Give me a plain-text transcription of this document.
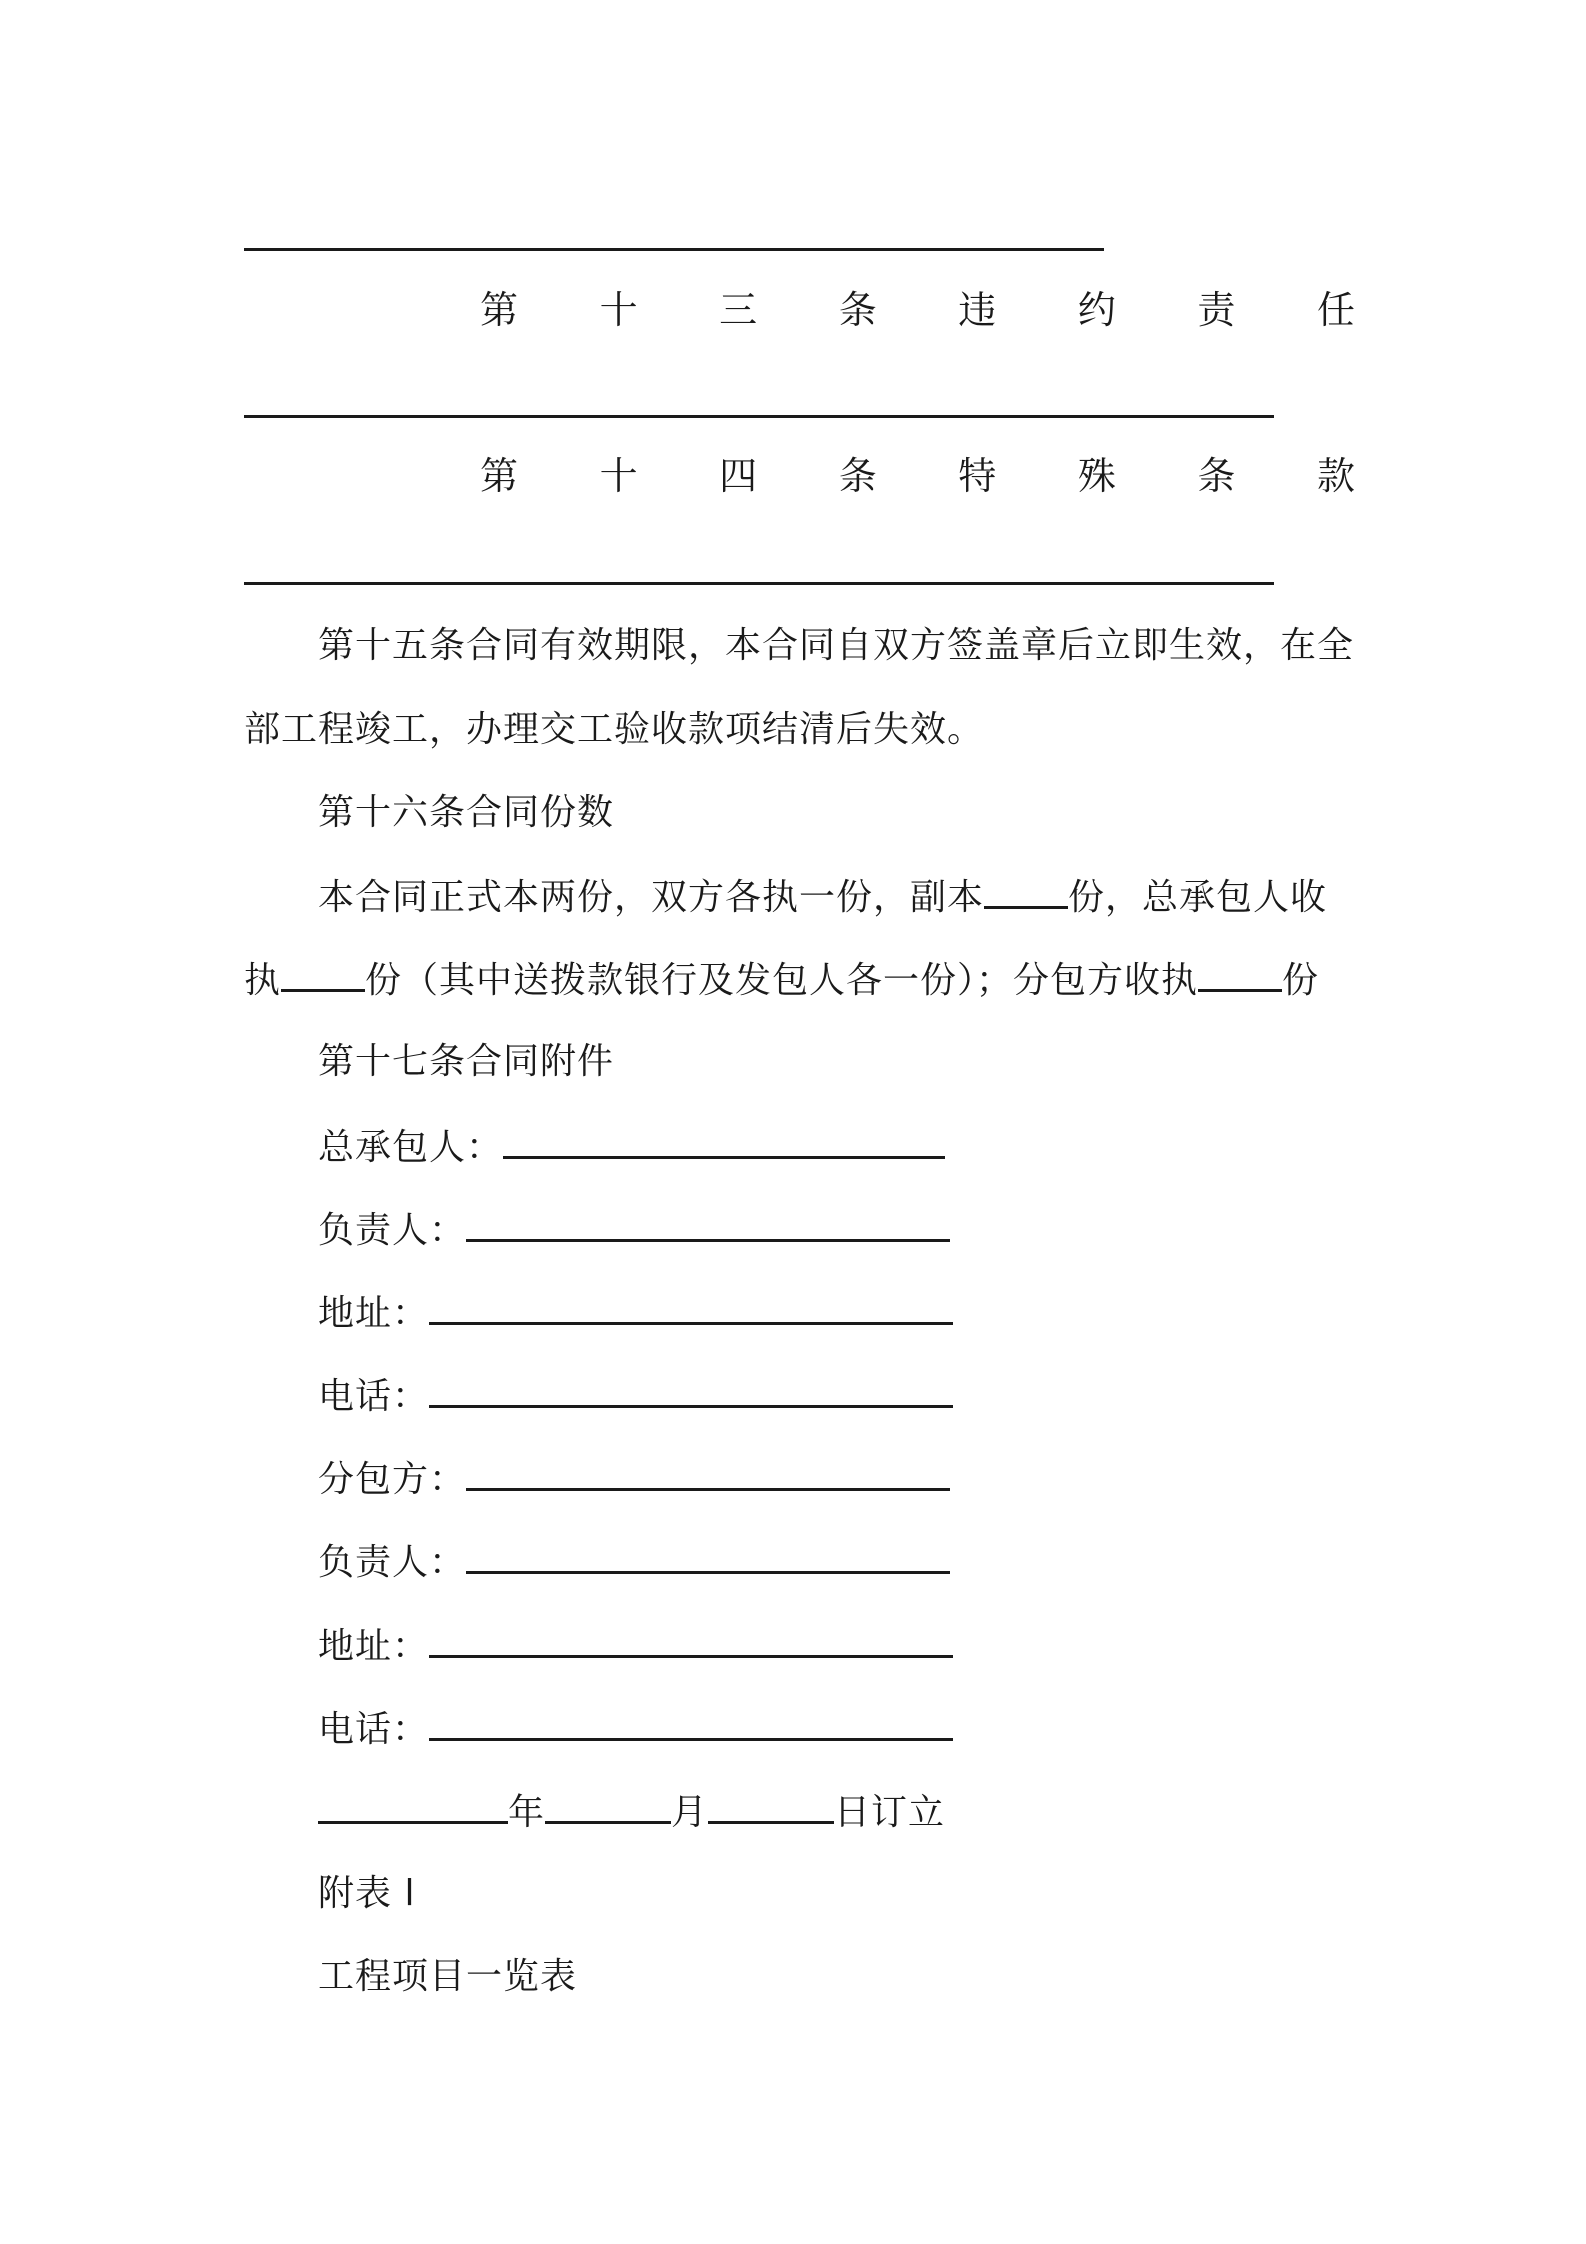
第 十 三 条 违 约 责 任
第 十 四 条 特 殊 条 款
第十五条合同有效期限，本合同自双方签盖章后立即生效，在全
部工程竣工，办理交工验收款项结清后失效。
第十六条合同份数
本合同正式本两份，双方各执一份，副本 份，总承包人收
执 份（其中送拨款银行及发包人各一份）；分包方收执 份
第十七条合同附件
总承包人：
负责人：
地址：
电话：
分包方：
负责人：
地址：
电话：
年	月	日订立
附表 l
工程项目一览表
